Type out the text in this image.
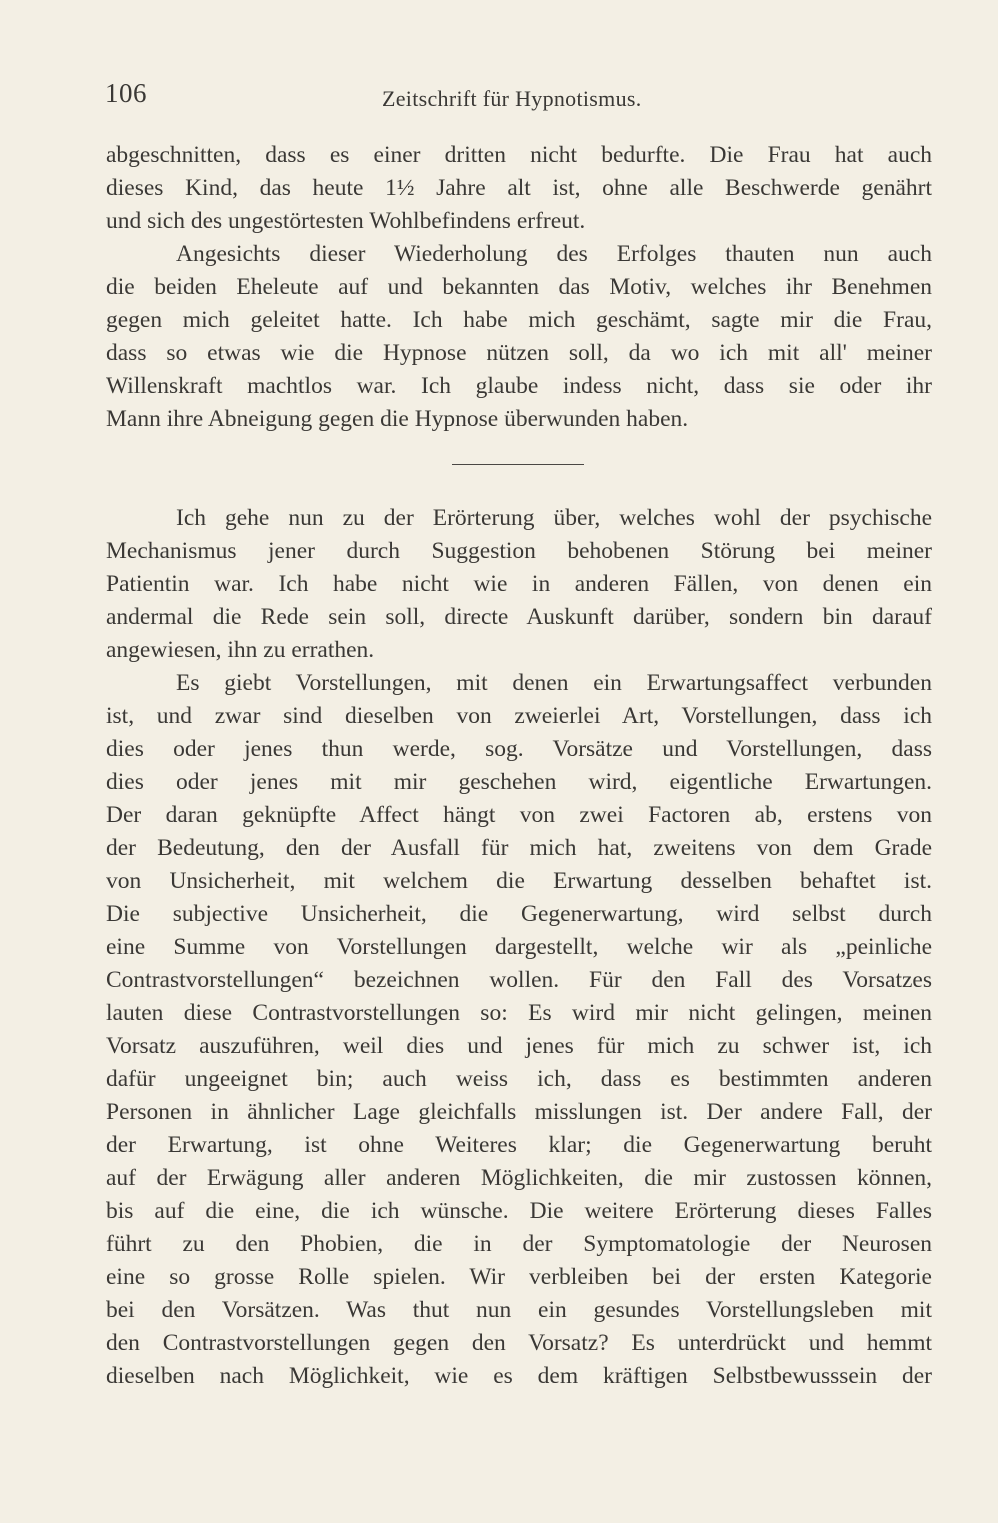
106	Zeitschrift für Hypnotismus.
abgeschnitten, dass es einer dritten nicht bedurfte. Die Frau hat auch
dieses Kind, das heute 1½ Jahre alt ist, ohne alle Beschwerde genährt
und sich des ungestörtesten Wohlbefindens erfreut.
Angesichts dieser Wiederholung des Erfolges thauten nun auch
die beiden Eheleute auf und bekannten das Motiv, welches ihr Benehmen
gegen mich geleitet hatte. Ich habe mich geschämt, sagte mir die Frau,
dass so etwas wie die Hypnose nützen soll, da wo ich mit all' meiner
Willenskraft machtlos war. Ich glaube indess nicht, dass sie oder ihr
Mann ihre Abneigung gegen die Hypnose überwunden haben.
Ich gehe nun zu der Erörterung über, welches wohl der psychische
Mechanismus jener durch Suggestion behobenen Störung bei meiner
Patientin war. Ich habe nicht wie in anderen Fällen, von denen ein
andermal die Rede sein soll, directe Auskunft darüber, sondern bin darauf
angewiesen, ihn zu errathen.
Es giebt Vorstellungen, mit denen ein Erwartungsaffect verbunden
ist, und zwar sind dieselben von zweierlei Art, Vorstellungen, dass ich
dies oder jenes thun werde, sog. Vorsätze und Vorstellungen, dass
dies oder jenes mit mir geschehen wird, eigentliche Erwartungen.
Der daran geknüpfte Affect hängt von zwei Factoren ab, erstens von
der Bedeutung, den der Ausfall für mich hat, zweitens von dem Grade
von Unsicherheit, mit welchem die Erwartung desselben behaftet ist.
Die subjective Unsicherheit, die Gegenerwartung, wird selbst durch
eine Summe von Vorstellungen dargestellt, welche wir als „peinliche
Contrastvorstellungen“ bezeichnen wollen. Für den Fall des Vorsatzes
lauten diese Contrastvorstellungen so: Es wird mir nicht gelingen, meinen
Vorsatz auszuführen, weil dies und jenes für mich zu schwer ist, ich
dafür ungeeignet bin; auch weiss ich, dass es bestimmten anderen
Personen in ähnlicher Lage gleichfalls misslungen ist. Der andere Fall, der
der Erwartung, ist ohne Weiteres klar; die Gegenerwartung beruht
auf der Erwägung aller anderen Möglichkeiten, die mir zustossen können,
bis auf die eine, die ich wünsche. Die weitere Erörterung dieses Falles
führt zu den Phobien, die in der Symptomatologie der Neurosen
eine so grosse Rolle spielen. Wir verbleiben bei der ersten Kategorie
bei den Vorsätzen. Was thut nun ein gesundes Vorstellungsleben mit
den Contrastvorstellungen gegen den Vorsatz? Es unterdrückt und hemmt
dieselben nach Möglichkeit, wie es dem kräftigen Selbstbewusssein der
